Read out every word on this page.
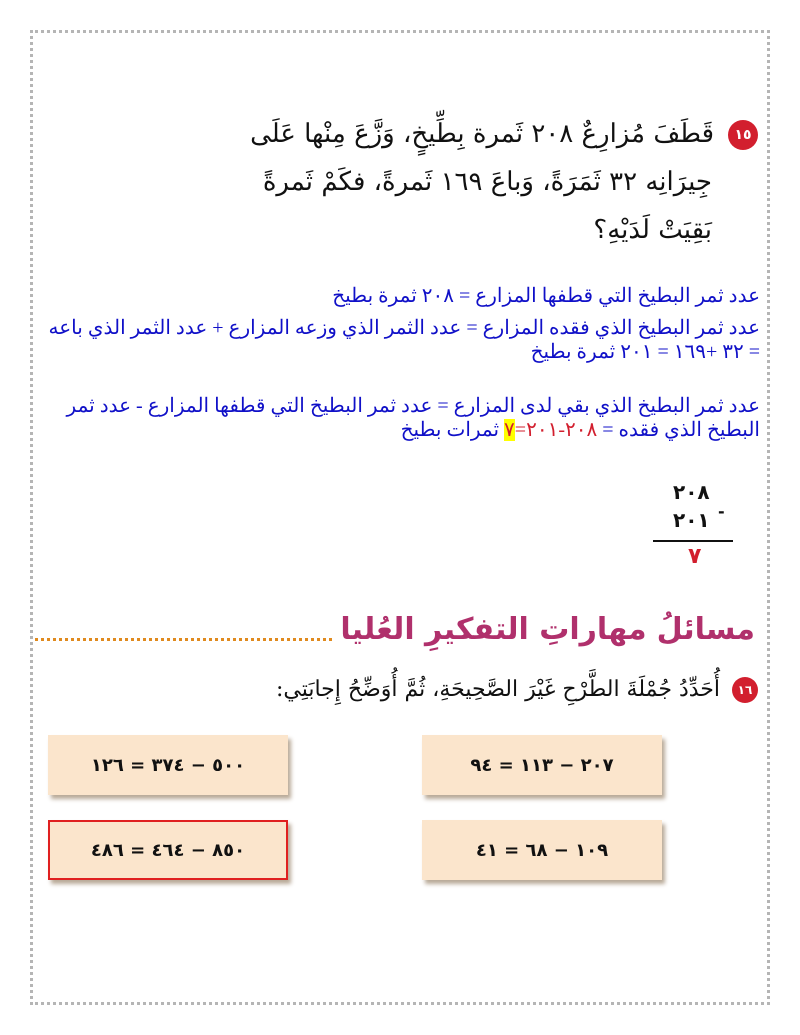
١٥قَطَفَ مُزارِعٌ ٢٠٨ ثَمرة بِطِّيخٍ، وَزَّعَ مِنْها عَلَى
جِيرَانِه ٣٢ ثَمَرَةً، وَباعَ ١٦٩ ثَمرةً، فكَمْ ثَمرةً
بَقِيَتْ لَدَيْهِ؟
عدد ثمر البطيخ التي قطفها المزارع = ٢٠٨ ثمرة بطيخ
عدد ثمر البطيخ الذي فقده المزارع = عدد الثمر الذي وزعه المزارع + عدد الثمر الذي باعه = ٣٢ +١٦٩ = ٢٠١ ثمرة بطيخ
عدد ثمر البطيخ الذي بقي لدى المزارع = عدد ثمر البطيخ التي قطفها المزارع - عدد ثمر البطيخ الذي فقده = ٢٠٨-٢٠١=٧ ثمرات بطيخ
٢٠٨
٢٠١ -
٧
مسائلُ
مهاراتِ التفكيرِ العُليا
١٦أُحَدِّدُ جُمْلَةَ الطَّرْحِ غَيْرَ الصَّحِيحَةِ، ثُمَّ أُوَضِّحُ إِجابَتِي:
٢٠٧ − ١١٣ = ٩٤
٥٠٠ − ٣٧٤ = ١٢٦
١٠٩ − ٦٨ = ٤١
٨٥٠ − ٤٦٤ = ٤٨٦
